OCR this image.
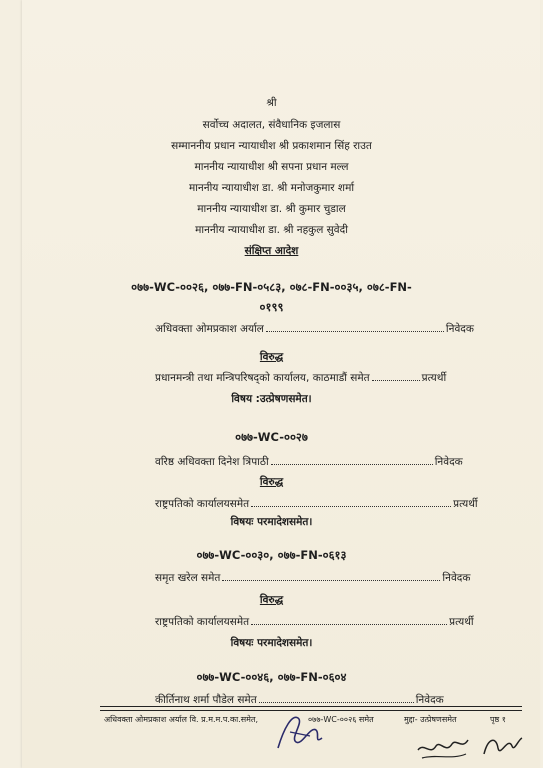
श्री
सर्वोच्च अदालत, संवैधानिक इजलास
सम्माननीय प्रधान न्यायाधीश श्री प्रकाशमान सिंह राउत
माननीय न्यायाधीश श्री सपना प्रधान मल्ल
माननीय न्यायाधीश डा. श्री मनोजकुमार शर्मा
माननीय न्यायाधीश डा. श्री कुमार चुडाल
माननीय न्यायाधीश डा. श्री नहकुल सुवेदी
संक्षिप्त आदेश
०७७-WC-००२६, ०७७-FN-०५८३, ०७८-FN-००३५, ०७८-FN-
०१९९
अधिवक्ता ओमप्रकाश अर्याल	निवेदक
विरुद्ध
प्रधानमन्त्री तथा मन्त्रिपरिषद्को कार्यालय, काठमाडौं समेत	प्रत्यर्थी
विषय :उत्प्रेषणसमेत।
०७७-WC-००२७
वरिष्ठ अधिवक्ता दिनेश त्रिपाठी	निवेदक
विरुद्ध
राष्ट्रपतिको कार्यालयसमेत	प्रत्यर्थी
विषयः परमादेशसमेत।
०७७-WC-००३०, ०७७-FN-०६१३
समृत खरेल समेत	निवेदक
विरुद्ध
राष्ट्रपतिको कार्यालयसमेत	प्रत्यर्थी
विषयः परमादेशसमेत।
०७७-WC-००४६, ०७७-FN-०६०४
कीर्तिनाथ शर्मा पौडेल समेत	निवेदक
अधिवक्ता ओमप्रकाश अर्याल वि. प्र.म.म.प.का.समेत,	०७७-WC-००२६ समेत	मुद्दा- उत्प्रेषणसमेत	पृष्ठ १
